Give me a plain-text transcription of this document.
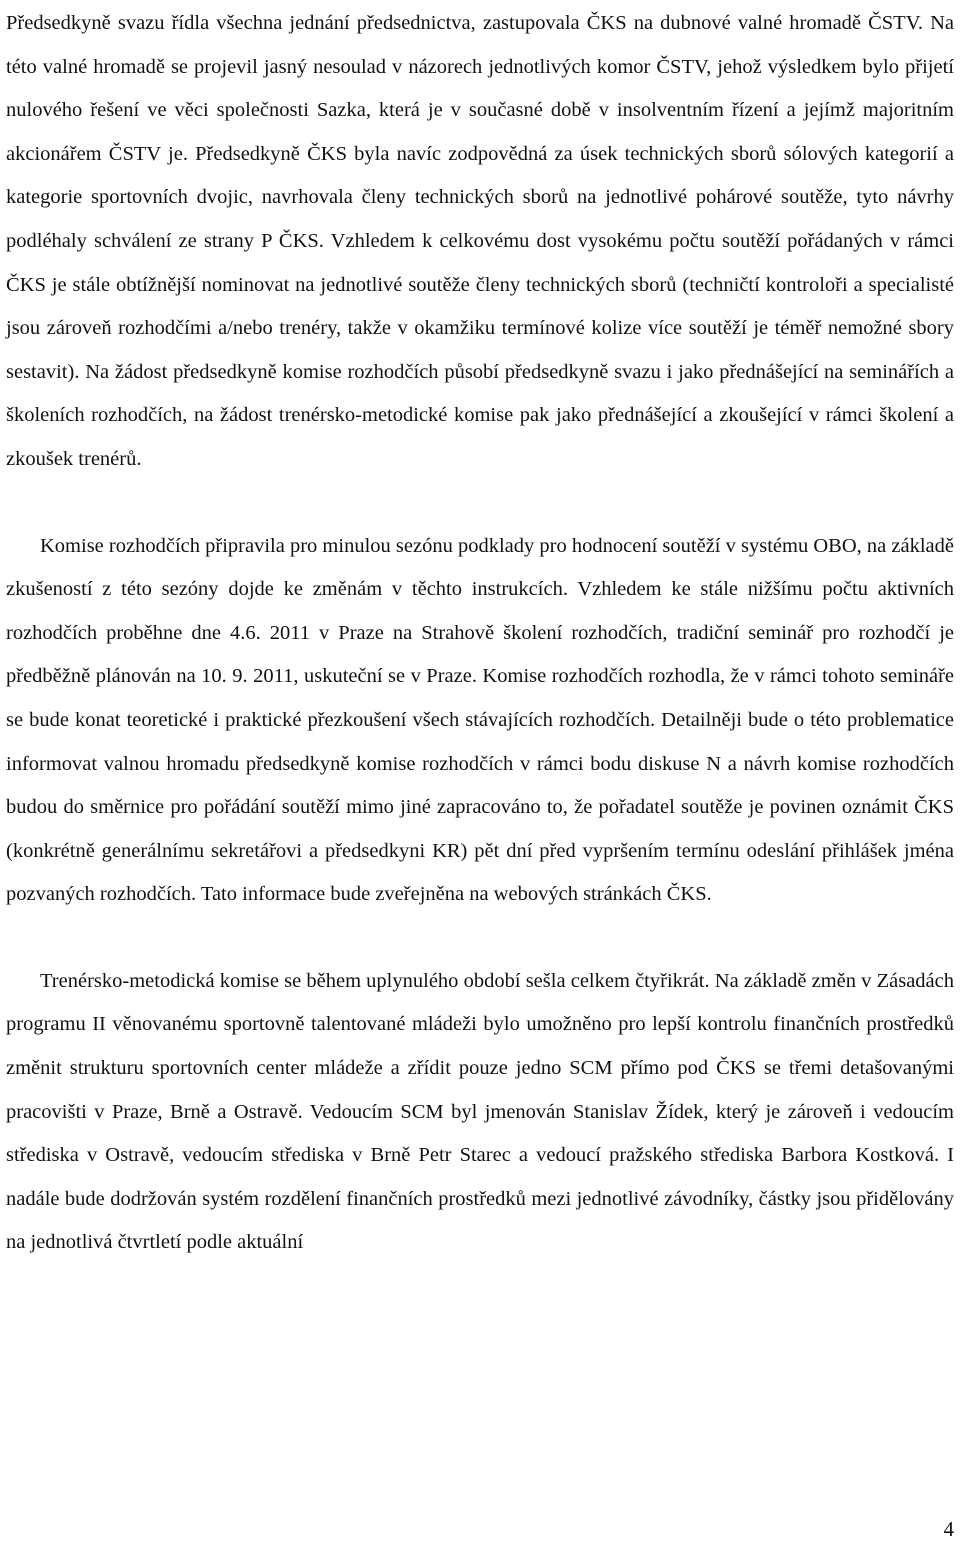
Předsedkyně svazu řídla všechna jednání předsednictva, zastupovala ČKS na dubnové valné hromadě ČSTV. Na této valné hromadě se projevil jasný nesoulad v názorech jednotlivých komor ČSTV, jehož výsledkem bylo přijetí nulového řešení ve věci společnosti Sazka, která je v současné době v insolventním řízení a jejímž majoritním akcionářem ČSTV je. Předsedkyně ČKS byla navíc zodpovědná za úsek technických sborů sólových kategorií a kategorie sportovních dvojic, navrhovala členy technických sborů na jednotlivé pohárové soutěže, tyto návrhy podléhaly schválení ze strany P ČKS. Vzhledem k celkovému dost vysokému počtu soutěží pořádaných v rámci ČKS je stále obtížnější nominovat na jednotlivé soutěže členy technických sborů (techničtí kontroloři a specialisté jsou zároveň rozhodčími a/nebo trenéry, takže v okamžiku termínové kolize více soutěží je téměř nemožné sbory sestavit). Na žádost předsedkyně komise rozhodčích působí předsedkyně svazu i jako přednášející na seminářích a školeních rozhodčích, na žádost trenérsko-metodické komise pak jako přednášející a zkoušející v rámci školení a zkoušek trenérů.

Komise rozhodčích připravila pro minulou sezónu podklady pro hodnocení soutěží v systému OBO, na základě zkušeností z této sezóny dojde ke změnám v těchto instrukcích. Vzhledem ke stále nižšímu počtu aktivních rozhodčích proběhne dne 4.6. 2011 v Praze na Strahově školení rozhodčích, tradiční seminář pro rozhodčí je předběžně plánován na 10. 9. 2011, uskuteční se v Praze. Komise rozhodčích rozhodla, že v rámci tohoto semináře se bude konat teoretické i praktické přezkoušení všech stávajících rozhodčích. Detailněji bude o této problematice informovat valnou hromadu předsedkyně komise rozhodčích v rámci bodu diskuse N a návrh komise rozhodčích budou do směrnice pro pořádání soutěží mimo jiné zapracováno to, že pořadatel soutěže je povinen oznámit ČKS (konkrétně generálnímu sekretářovi a předsedkyni KR) pět dní před vypršením termínu odeslání přihlášek jména pozvaných rozhodčích. Tato informace bude zveřejněna na webových stránkách ČKS.

Trenérsko-metodická komise se během uplynulého období sešla celkem čtyřikrát. Na základě změn v Zásadách programu II věnovanému sportovně talentované mládeži bylo umožněno pro lepší kontrolu finančních prostředků změnit strukturu sportovních center mládeže a zřídit pouze jedno SCM přímo pod ČKS se třemi detašovanými pracovišti v Praze, Brně a Ostravě. Vedoucím SCM byl jmenován Stanislav Žídek, který je zároveň i vedoucím střediska v Ostravě, vedoucím střediska v Brně Petr Starec a vedoucí pražského střediska Barbora Kostková. I nadále bude dodržován systém rozdělení finančních prostředků mezi jednotlivé závodníky, částky jsou přidělovány na jednotlivá čtvrtletí podle aktuální

4
